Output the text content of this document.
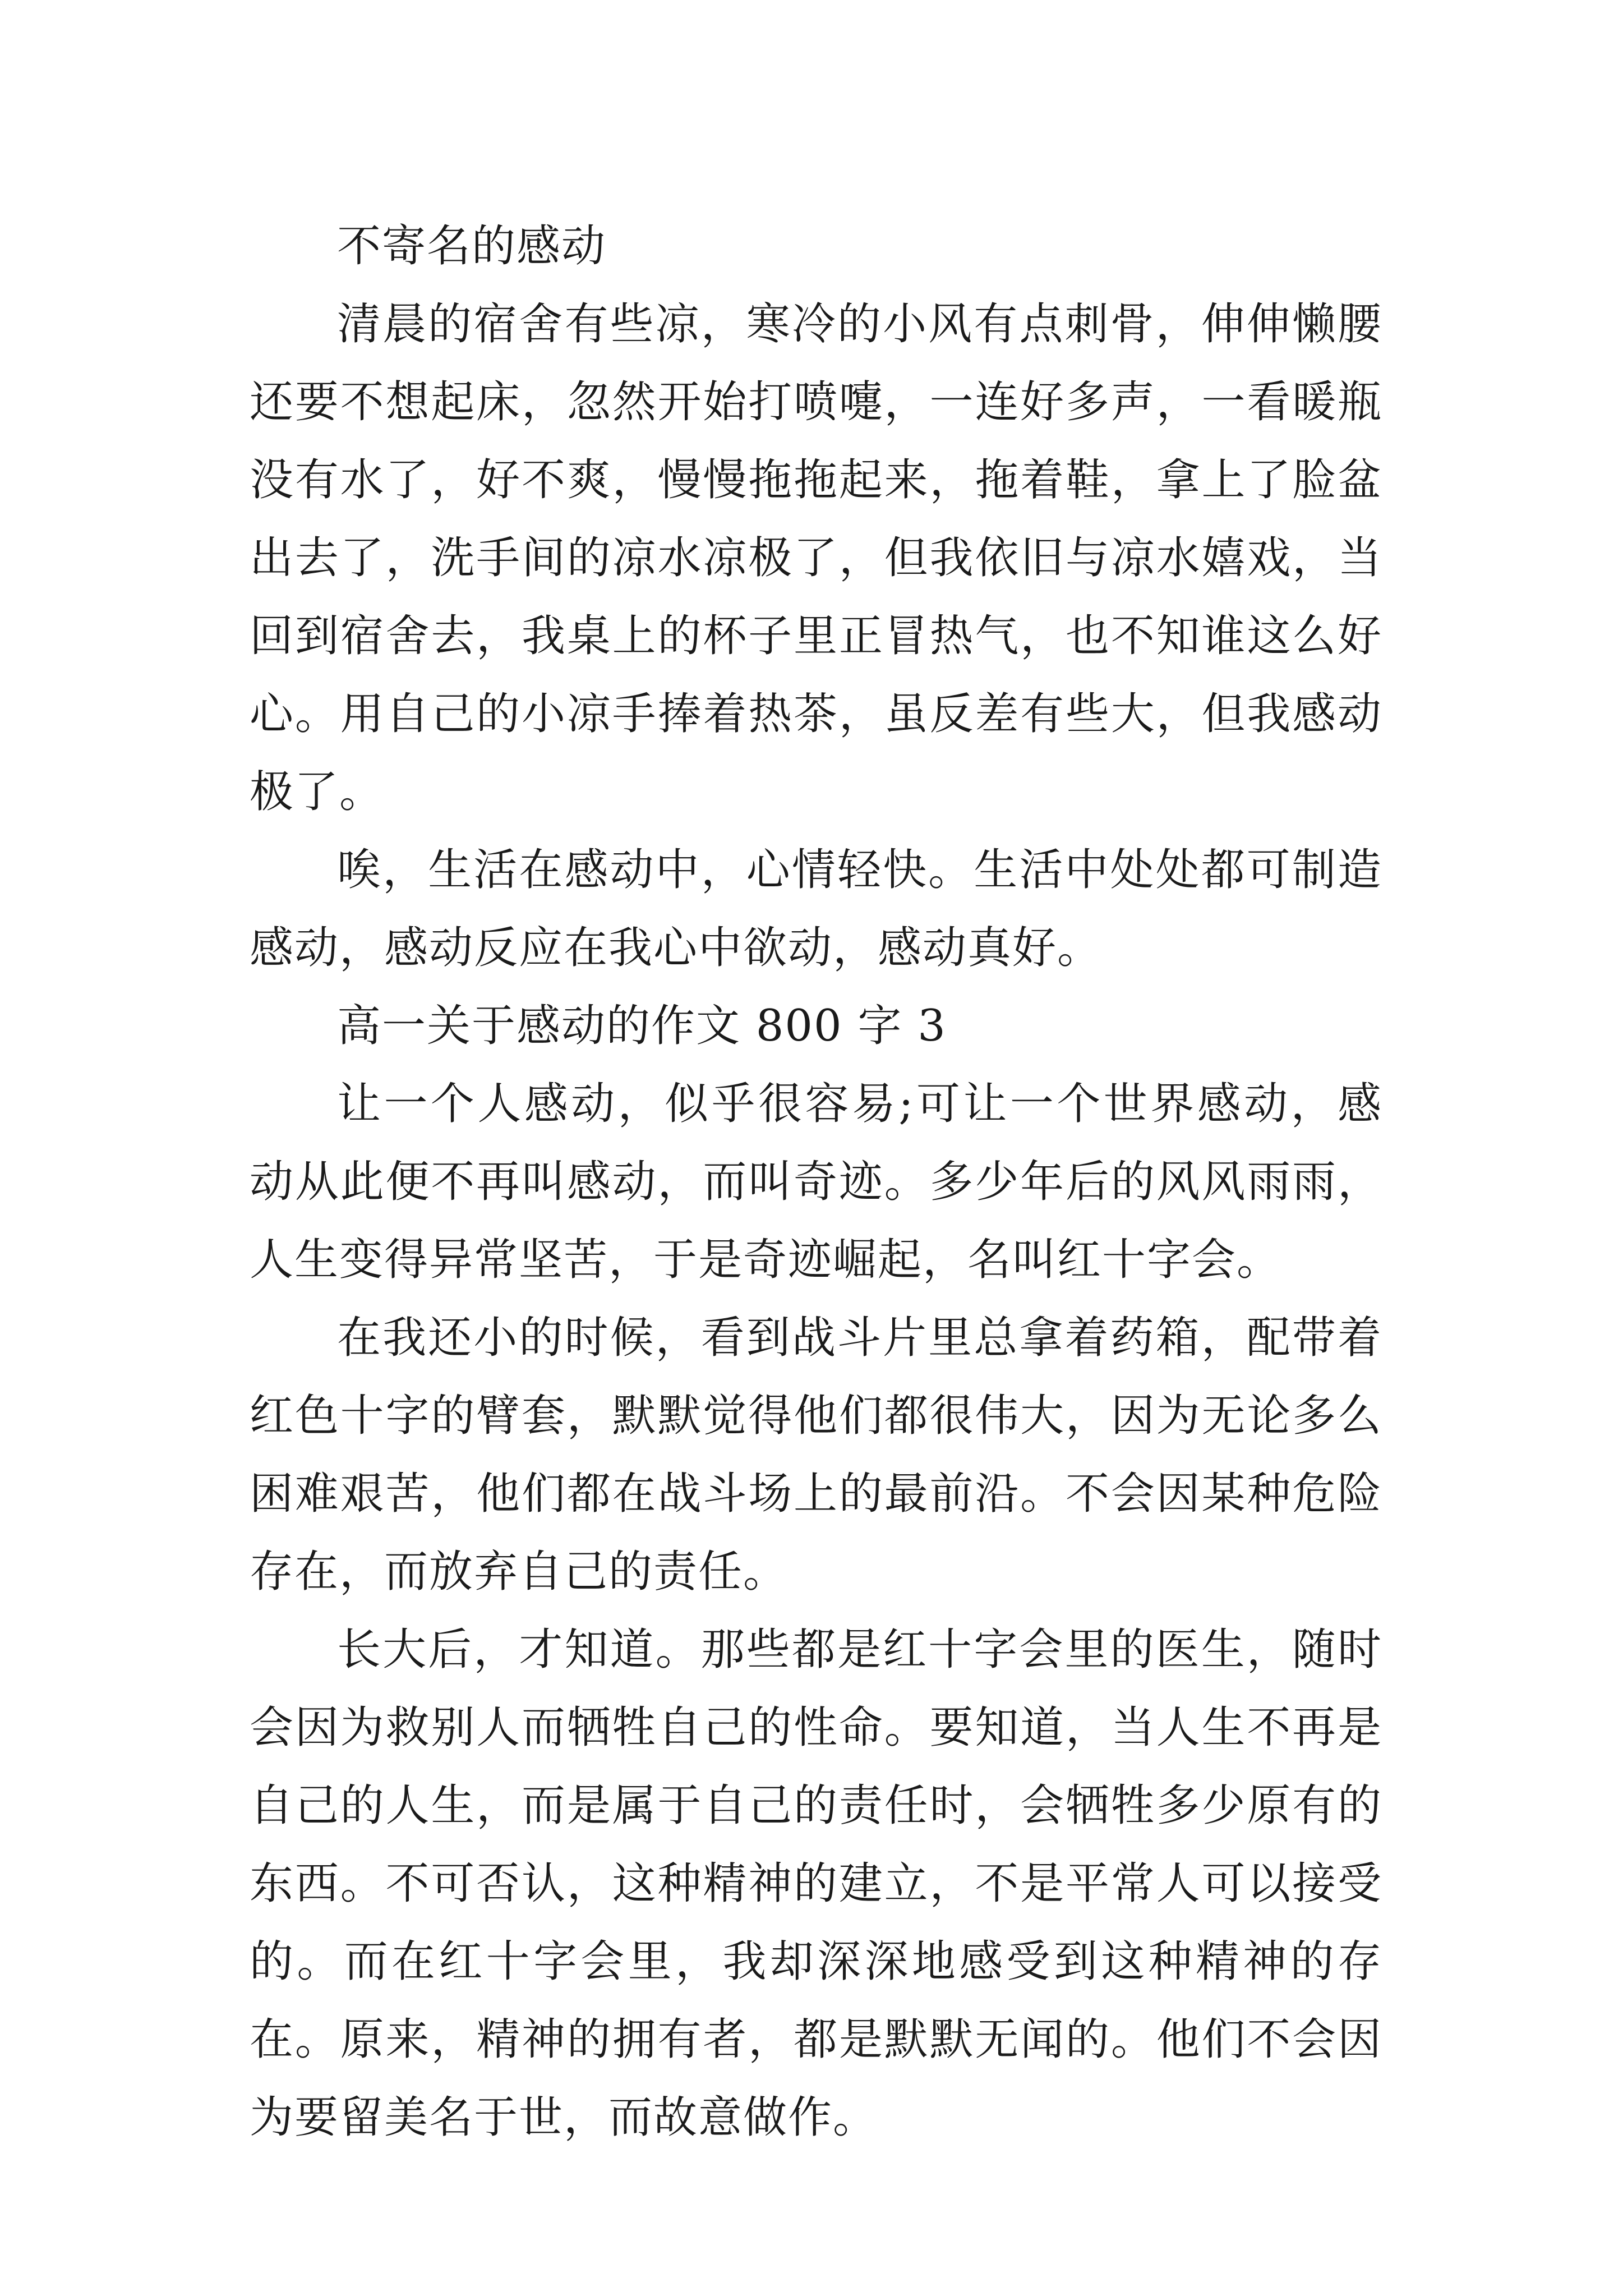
不寄名的感动

清晨的宿舍有些凉，寒冷的小风有点刺骨，伸伸懒腰还要不想起床，忽然开始打喷嚏，一连好多声，一看暖瓶没有水了，好不爽，慢慢拖拖起来，拖着鞋，拿上了脸盆出去了，洗手间的凉水凉极了，但我依旧与凉水嬉戏，当回到宿舍去，我桌上的杯子里正冒热气，也不知谁这么好心。用自己的小凉手捧着热茶，虽反差有些大，但我感动极了。

唉，生活在感动中，心情轻快。生活中处处都可制造感动，感动反应在我心中欲动，感动真好。

高一关于感动的作文 800 字 3

让一个人感动，似乎很容易;可让一个世界感动，感动从此便不再叫感动，而叫奇迹。多少年后的风风雨雨，人生变得异常坚苦，于是奇迹崛起，名叫红十字会。

在我还小的时候，看到战斗片里总拿着药箱，配带着红色十字的臂套，默默觉得他们都很伟大，因为无论多么困难艰苦，他们都在战斗场上的最前沿。不会因某种危险存在，而放弃自己的责任。

长大后，才知道。那些都是红十字会里的医生，随时会因为救别人而牺牲自己的性命。要知道，当人生不再是自己的人生，而是属于自己的责任时，会牺牲多少原有的东西。不可否认，这种精神的建立，不是平常人可以接受的。而在红十字会里，我却深深地感受到这种精神的存在。原来，精神的拥有者，都是默默无闻的。他们不会因为要留美名于世，而故意做作。
